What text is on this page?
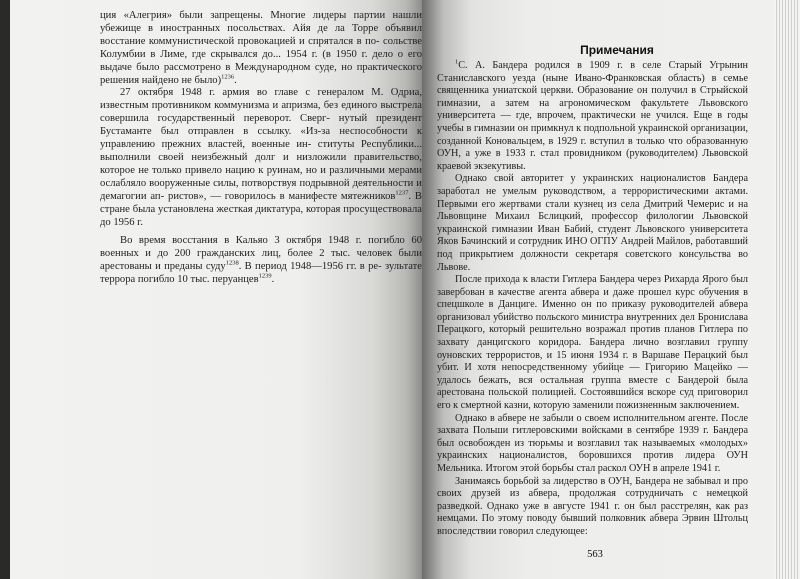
ция «Алегрия» были запрещены. Многие лидеры партии нашли убежище в иностранных посольствах. Айя де ла Торре объявил восстание коммунистической провокацией и спрятался в по- сольстве Колумбии в Лиме, где скрывался до... 1954 г. (в 1950 г. дело о его выдаче было рассмотрено в Международном суде, но практического решения найдено не было)$^{1236}$.

27 октября 1948 г. армия во главе с генералом М. Одриа, известным противником коммунизма и апризма, без единого выстрела совершила государственный переворот. Сверг- нутый президент Бустаманте был отправлен в ссылку. «Из-за неспособности к управлению прежних властей, военные ин- ституты Республики... выполнили своей неизбежный долг и низложили правительство, которое не только привело нацию к руинам, но и различными мерами ослабляло вооруженные силы, потворствуя подрывной деятельности и демагогии ап- ристов», — говорилось в манифесте мятежников$^{1237}$. В стране была установлена жесткая диктатура, которая просуществовала до 1956 г.

Во время восстания в Кальяо 3 октября 1948 г. погибло 60 военных и до 200 гражданских лиц, более 2 тыс. человек были арестованы и преданы суду$^{1238}$. В период 1948—1956 гг. в ре- зультате террора погибло 10 тыс. перуанцев$^{1239}$.

Примечания

$^1$С. А. Бандера родился в 1909 г. в селе Старый Угрынин Станиславского уезда (ныне Ивано-Франковская область) в семье священника униатской церкви. Образование он получил в Стрыйской гимназии, а затем на агрономическом факультете Львовского университета — где, впрочем, практически не учился. Еще в годы учебы в гимназии он примкнул к подпольной украинской организации, созданной Коновальцем, в 1929 г. вступил в только что образованную ОУН, а уже в 1933 г. стал провидником (руководителем) Львовской краевой экзекутивы.

Однако свой авторитет у украинских националистов Бандера заработал не умелым руководством, а террористическими актами. Первыми его жертвами стали кузнец из села Дмитрий Чемерис и на Львовщине Михаил Бслицкий, профессор филологии Львовской украинской гимназии Иван Бабий, студент Львовского университета Яков Бачинский и сотрудник ИНО ОГПУ Андрей Майлов, работавший под прикрытием должности секретаря советского консульства во Львове.

После прихода к власти Гитлера Бандера через Рихарда Ярого был завербован в качестве агента абвера и даже прошел курс обучения в спецшколе в Данциге. Именно он по приказу руководителей абвера организовал убийство польского министра внутренних дел Бронислава Перацкого, который решительно возражал против планов Гитлера по захвату данцигского коридора. Бандера лично возглавил группу оуновских террористов, и 15 июня 1934 г. в Варшаве Перацкий был убит. И хотя непосредственному убийце — Григорию Мацейко — удалось бежать, вся остальная группа вместе с Бандерой была арестована польской полицией. Состоявшийся вскоре суд приговорил его к смертной казни, которую заменили пожизненным заключением.

Однако в абвере не забыли о своем исполнительном агенте. После захвата Польши гитлеровскими войсками в сентябре 1939 г. Бандера был освобожден из тюрьмы и возглавил так называемых «молодых» украинских националистов, боровшихся против лидера ОУН Мельника. Итогом этой борьбы стал раскол ОУН в апреле 1941 г.

Занимаясь борьбой за лидерство в ОУН, Бандера не забывал и про своих друзей из абвера, продолжая сотрудничать с немецкой разведкой. Однако уже в августе 1941 г. он был расстрелян, как раз немцами. По этому поводу бывший полковник абвера Эрвин Штольц впоследствии говорил следующее:

563
